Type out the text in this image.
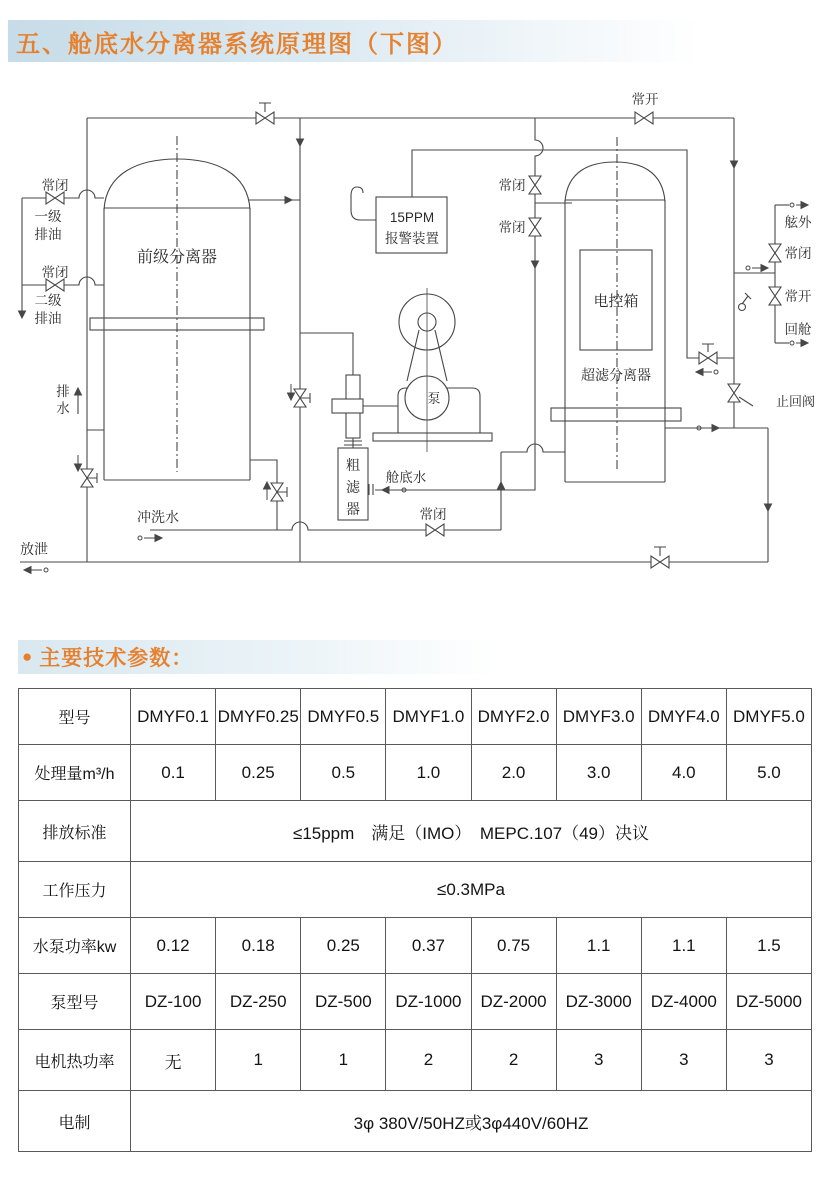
五、舱底水分离器系统原理图（下图）
常闭
一级
排油
常闭
二级
排油
前级分离器
排
水
放泄
冲洗水
粗
滤
器
舱底水
常闭
15PPM
报警装置
常闭
常闭
泵
常开
电控箱
超滤分离器
止回阀
舷外
常闭
常开
回舱
● 主要技术参数：
型号	DMYF0.1	DMYF0.25	DMYF0.5	DMYF1.0	DMYF2.0	DMYF3.0	DMYF4.0	DMYF5.0
处理量m³/h	0.1	0.25	0.5	1.0	2.0	3.0	4.0	5.0
排放标准	≤15ppm　满足（IMO）　MEPC.107（49）决议							
工作压力	≤0.3MPa							
水泵功率kw	0.12	0.18	0.25	0.37	0.75	1.1	1.1	1.5
泵型号	DZ-100	DZ-250	DZ-500	DZ-1000	DZ-2000	DZ-3000	DZ-4000	DZ-5000
电机热功率	无	1	1	2	2	3	3	3
电制	3φ 380V/50HZ或3φ440V/60HZ							
